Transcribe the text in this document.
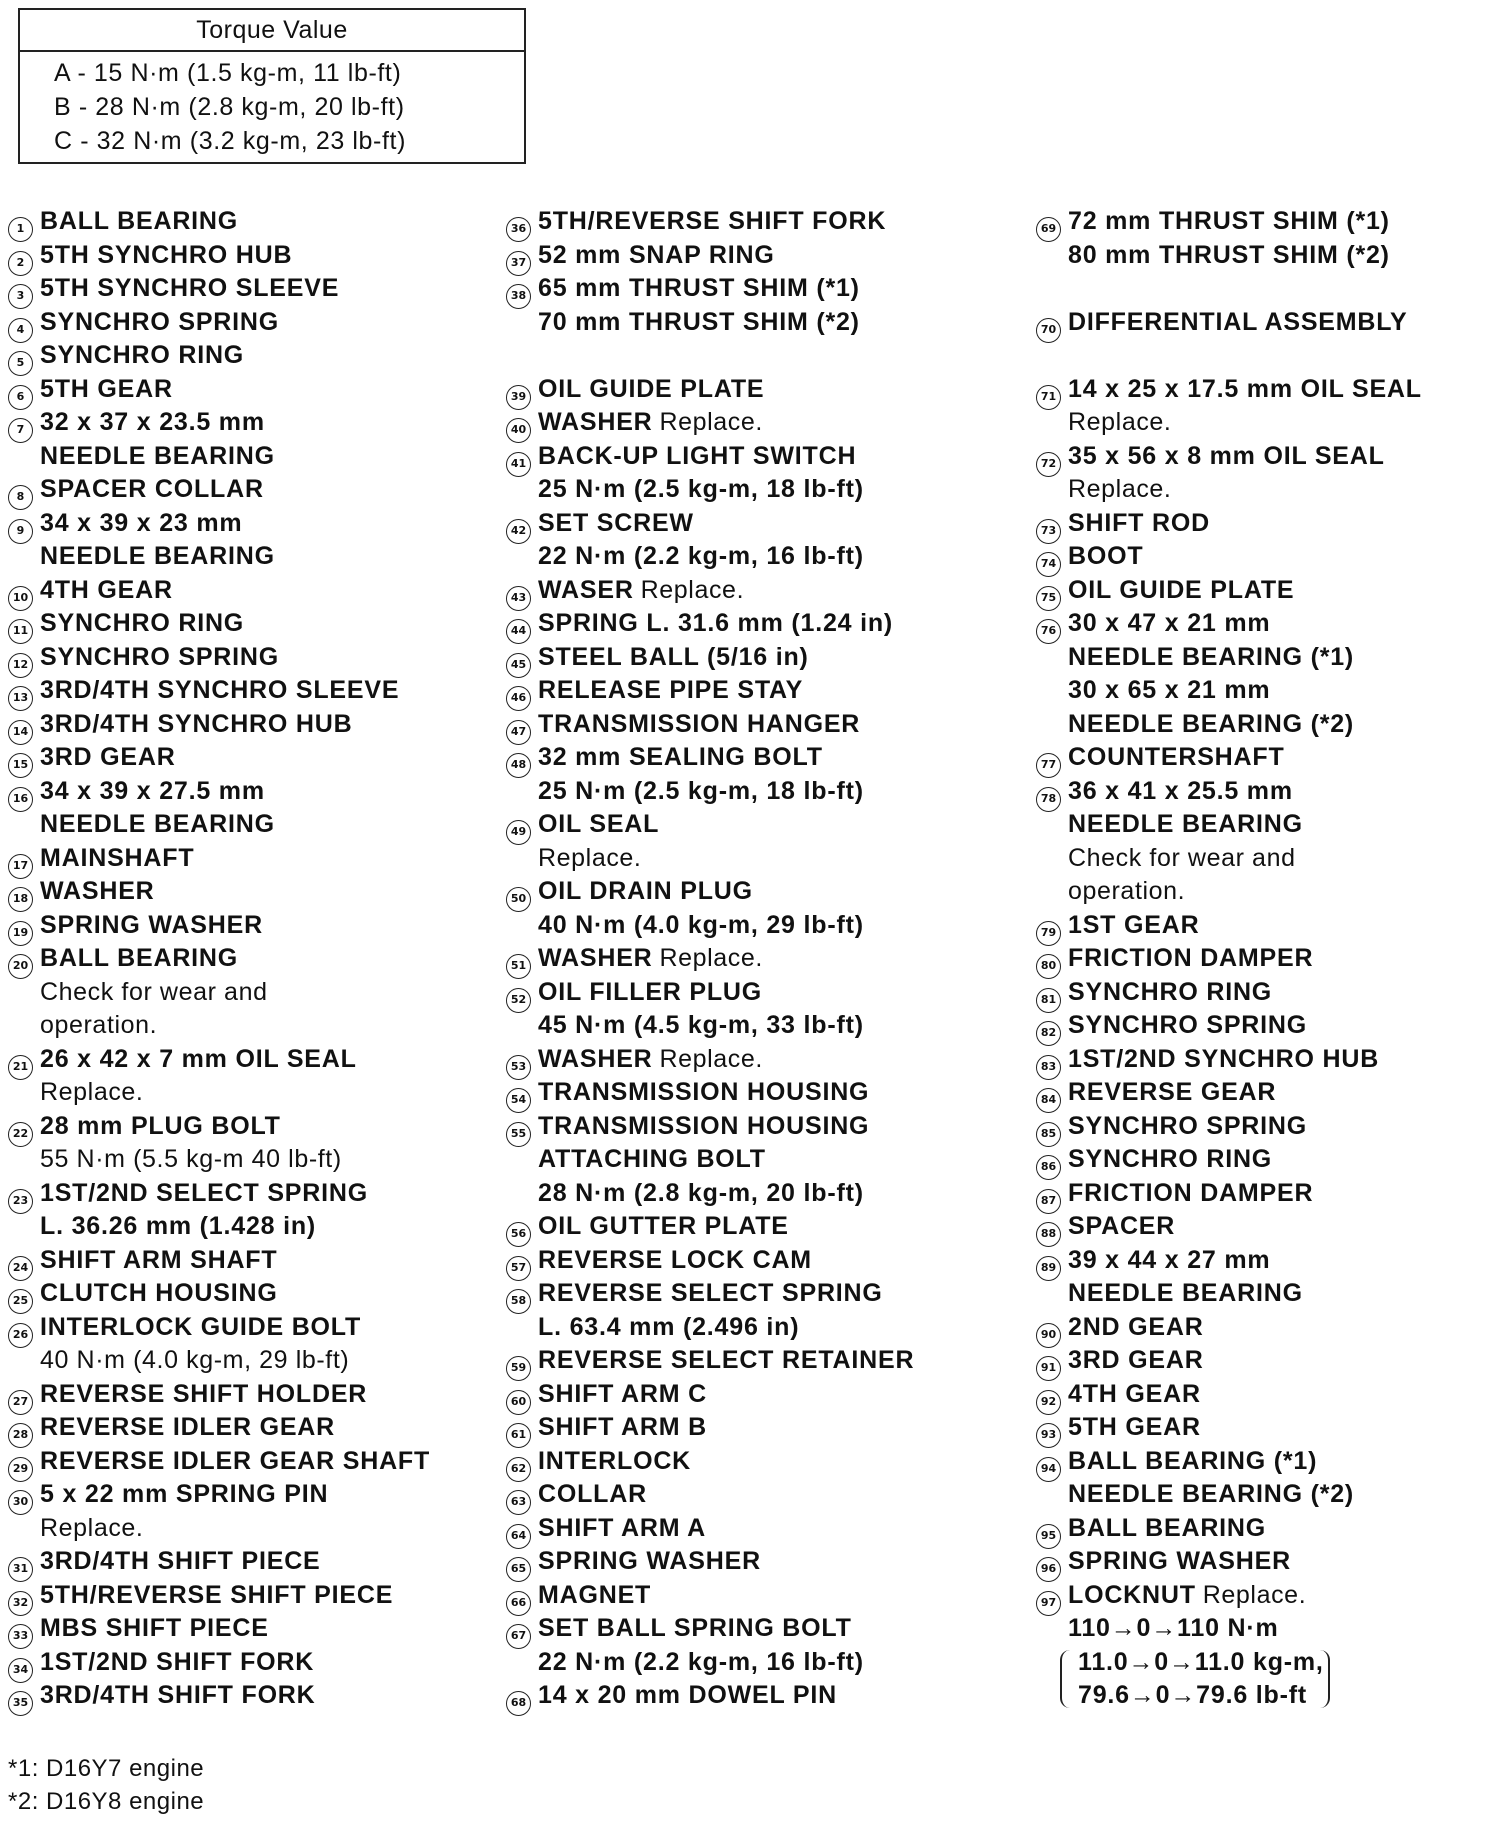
Torque Value
A - 15 N·m (1.5 kg-m, 11 lb-ft)
B - 28 N·m (2.8 kg-m, 20 lb-ft)
C - 32 N·m (3.2 kg-m, 23 lb-ft)
1 BALL BEARING
2 5TH SYNCHRO HUB
3 5TH SYNCHRO SLEEVE
4 SYNCHRO SPRING
5 SYNCHRO RING
6 5TH GEAR
7 32 x 37 x 23.5 mm
NEEDLE BEARING
8 SPACER COLLAR
9 34 x 39 x 23 mm
NEEDLE BEARING
10 4TH GEAR
11 SYNCHRO RING
12 SYNCHRO SPRING
13 3RD/4TH SYNCHRO SLEEVE
14 3RD/4TH SYNCHRO HUB
15 3RD GEAR
16 34 x 39 x 27.5 mm
NEEDLE BEARING
17 MAINSHAFT
18 WASHER
19 SPRING WASHER
20 BALL BEARING
Check for wear and
operation.
21 26 x 42 x 7 mm OIL SEAL
Replace.
22 28 mm PLUG BOLT
55 N·m (5.5 kg-m 40 lb-ft)
23 1ST/2ND SELECT SPRING
L. 36.26 mm (1.428 in)
24 SHIFT ARM SHAFT
25 CLUTCH HOUSING
26 INTERLOCK GUIDE BOLT
40 N·m (4.0 kg-m, 29 lb-ft)
27 REVERSE SHIFT HOLDER
28 REVERSE IDLER GEAR
29 REVERSE IDLER GEAR SHAFT
30 5 x 22 mm SPRING PIN
Replace.
31 3RD/4TH SHIFT PIECE
32 5TH/REVERSE SHIFT PIECE
33 MBS SHIFT PIECE
34 1ST/2ND SHIFT FORK
35 3RD/4TH SHIFT FORK
36 5TH/REVERSE SHIFT FORK
37 52 mm SNAP RING
38 65 mm THRUST SHIM (*1)
70 mm THRUST SHIM (*2)
39 OIL GUIDE PLATE
40 WASHER Replace.
41 BACK-UP LIGHT SWITCH
25 N·m (2.5 kg-m, 18 lb-ft)
42 SET SCREW
22 N·m (2.2 kg-m, 16 lb-ft)
43 WASER Replace.
44 SPRING L. 31.6 mm (1.24 in)
45 STEEL BALL (5/16 in)
46 RELEASE PIPE STAY
47 TRANSMISSION HANGER
48 32 mm SEALING BOLT
25 N·m (2.5 kg-m, 18 lb-ft)
49 OIL SEAL
Replace.
50 OIL DRAIN PLUG
40 N·m (4.0 kg-m, 29 lb-ft)
51 WASHER Replace.
52 OIL FILLER PLUG
45 N·m (4.5 kg-m, 33 lb-ft)
53 WASHER Replace.
54 TRANSMISSION HOUSING
55 TRANSMISSION HOUSING
ATTACHING BOLT
28 N·m (2.8 kg-m, 20 lb-ft)
56 OIL GUTTER PLATE
57 REVERSE LOCK CAM
58 REVERSE SELECT SPRING
L. 63.4 mm (2.496 in)
59 REVERSE SELECT RETAINER
60 SHIFT ARM C
61 SHIFT ARM B
62 INTERLOCK
63 COLLAR
64 SHIFT ARM A
65 SPRING WASHER
66 MAGNET
67 SET BALL SPRING BOLT
22 N·m (2.2 kg-m, 16 lb-ft)
68 14 x 20 mm DOWEL PIN
69 72 mm THRUST SHIM (*1)
80 mm THRUST SHIM (*2)
70 DIFFERENTIAL ASSEMBLY
71 14 x 25 x 17.5 mm OIL SEAL
Replace.
72 35 x 56 x 8 mm OIL SEAL
Replace.
73 SHIFT ROD
74 BOOT
75 OIL GUIDE PLATE
76 30 x 47 x 21 mm
NEEDLE BEARING (*1)
30 x 65 x 21 mm
NEEDLE BEARING (*2)
77 COUNTERSHAFT
78 36 x 41 x 25.5 mm
NEEDLE BEARING
Check for wear and
operation.
79 1ST GEAR
80 FRICTION DAMPER
81 SYNCHRO RING
82 SYNCHRO SPRING
83 1ST/2ND SYNCHRO HUB
84 REVERSE GEAR
85 SYNCHRO SPRING
86 SYNCHRO RING
87 FRICTION DAMPER
88 SPACER
89 39 x 44 x 27 mm
NEEDLE BEARING
90 2ND GEAR
91 3RD GEAR
92 4TH GEAR
93 5TH GEAR
94 BALL BEARING (*1)
NEEDLE BEARING (*2)
95 BALL BEARING
96 SPRING WASHER
97 LOCKNUT Replace.
110→0→110 N·m
11.0→0→11.0 kg-m,
79.6→0→79.6 lb-ft
*1: D16Y7 engine
*2: D16Y8 engine
